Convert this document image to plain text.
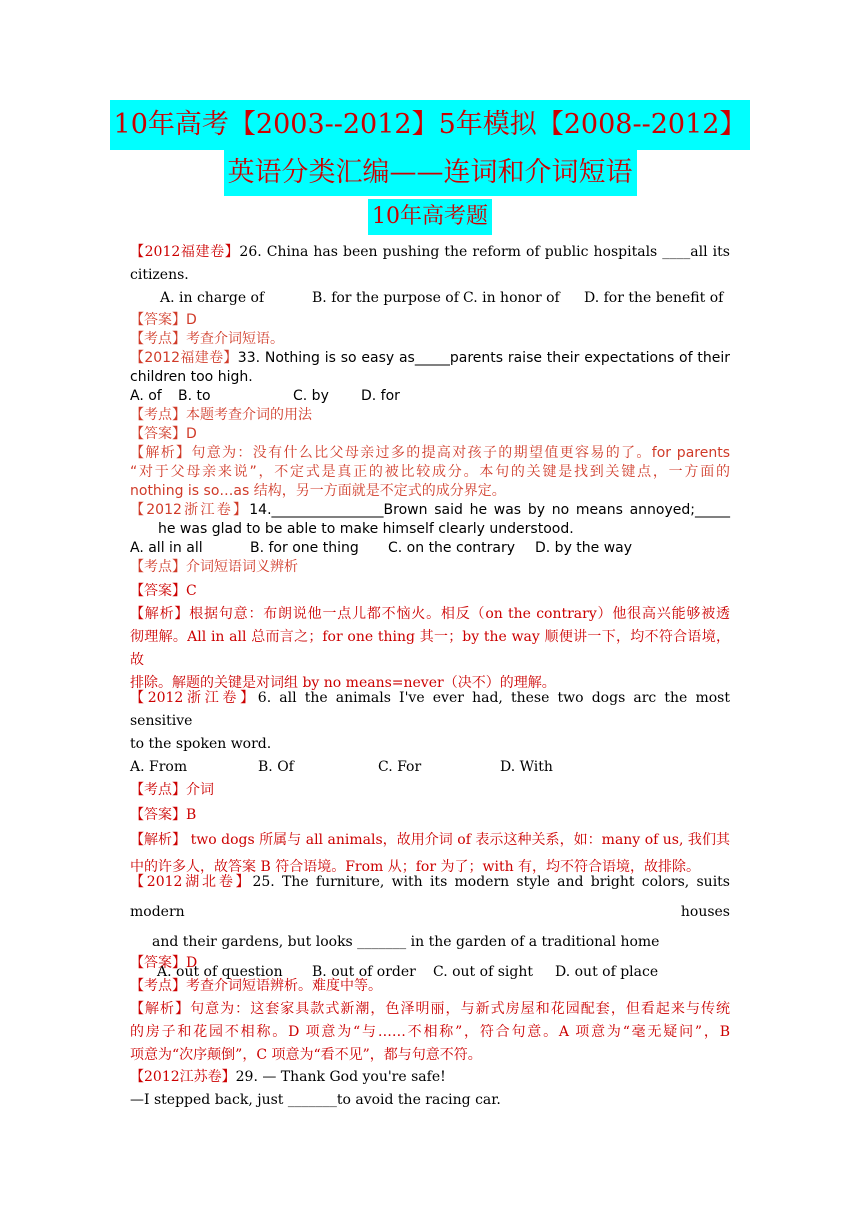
10年高考【2003--2012】5年模拟【2008--2012】
英语分类汇编——连词和介词短语
10年高考题
【2012福建卷】26. China has been pushing the reform of public hospitals ____all its
citizens.
A. in charge of	B. for the purpose of C. in honor of	D. for the benefit of
【答案】D
【考点】考查介词短语。
【2012福建卷】33. Nothing is so easy as_____parents raise their expectations of their
children too high.
A. of	B. to	C. by	D. for
【考点】本题考查介词的用法
【答案】D
【解析】句意为：没有什么比父母亲过多的提高对孩子的期望值更容易的了。for parents
“对于父母亲来说”，不定式是真正的被比较成分。本句的关键是找到关键点，一方面的
nothing is so…as 结构，另一方面就是不定式的成分界定。
【2012浙江卷】14.________________Brown said he was by no means annoyed;_____
he was glad to be able to make himself clearly understood.
A. all in all	B. for one thing	C. on the contrary	D. by the way
【考点】介词短语词义辨析
【答案】C
【解析】根据句意：布朗说他一点儿都不恼火。相反（on the contrary）他很高兴能够被透
彻理解。All in all 总而言之；for one thing 其一；by the way 顺便讲一下，均不符合语境，故
排除。解题的关键是对词组 by no means=never（决不）的理解。
【2012浙江卷】6. all the animals I've ever had, these two dogs arc the most sensitive
to the spoken word.
A. From	B. Of	C. For	D. With
【考点】介词
【答案】B
【解析】 two dogs 所属与 all animals，故用介词 of 表示这种关系，如：many of us, 我们其
中的许多人，故答案 B 符合语境。From 从；for 为了；with 有，均不符合语境，故排除。
【2012湖北卷】25. The furniture, with its modern style and bright colors, suits modern houses
and their gardens, but looks _______ in the garden of a traditional home
A. out of question	B. out of order	C. out of sight	D. out of place
【答案】D
【考点】考查介词短语辨析。难度中等。
【解析】句意为：这套家具款式新潮，色泽明丽，与新式房屋和花园配套，但看起来与传统
的房子和花园不相称。D 项意为“与……不相称”，符合句意。A 项意为“毫无疑问”，B
项意为“次序颠倒”，C 项意为“看不见”，都与句意不符。
【2012江苏卷】29. — Thank God you're safe!
—I stepped back, just _______to avoid the racing car.
